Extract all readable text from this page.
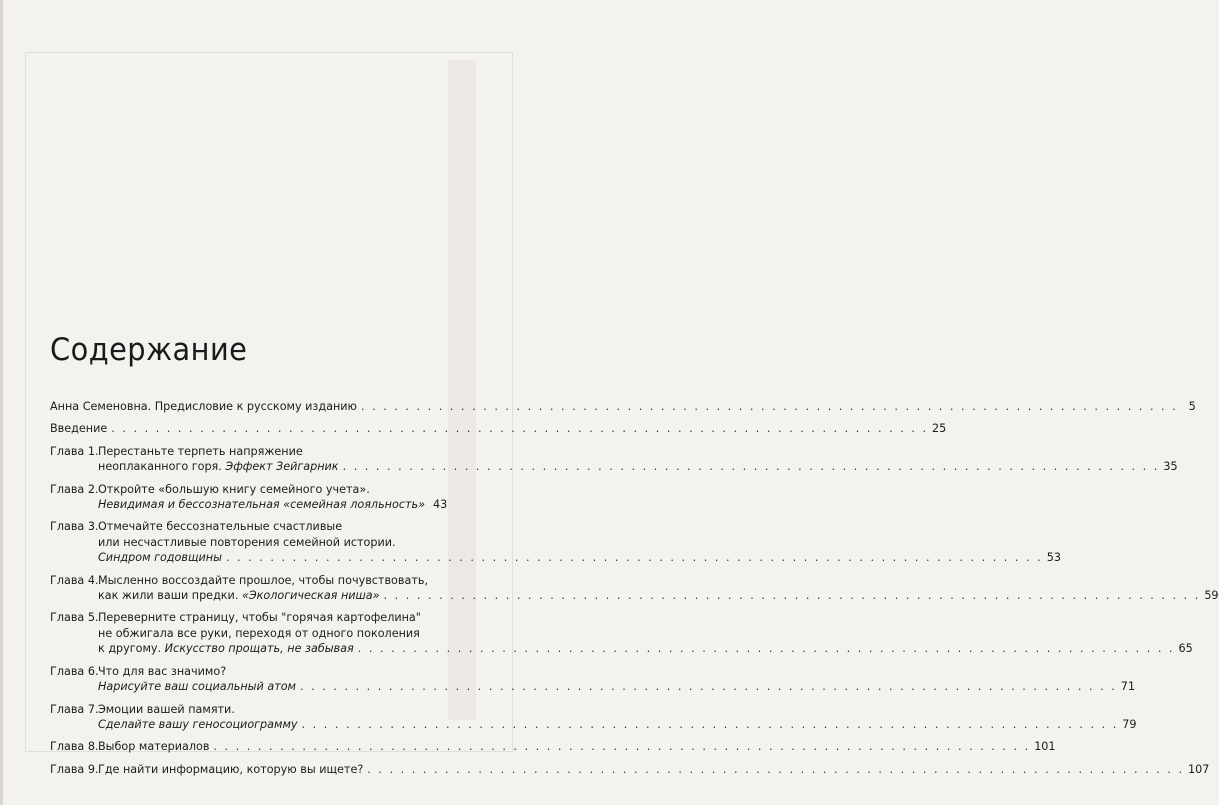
Содержание
Анна Семеновна. Предисловие к русскому изданию . . . . . . . . . . . . . . . . . . . . . . . . . . . . . . . . . . . . . . . . . . . . . . . . . . . . . . . . . . . . . . . . . . . . . . . . . . 5
Введение . . . . . . . . . . . . . . . . . . . . . . . . . . . . . . . . . . . . . . . . . . . . . . . . . . . . . . . . . . . . . . . . . . . . . . . . . . 25
Глава 1. Перестаньте терпеть напряжение
неоплаканного горя. Эффект Зейгарник . . . . . . . . . . . . . . . . . . . . . . . . . . . . . . . . . . . . . . . . . . . . . . . . . . . . . . . . . . . . . . . . . . . . . . . . . . 35
Глава 2. Откройте «большую книгу семейного учета».
Невидимая и бессознательная «семейная лояльность» 43
Глава 3. Отмечайте бессознательные счастливые
или несчастливые повторения семейной истории.
Синдром годовщины . . . . . . . . . . . . . . . . . . . . . . . . . . . . . . . . . . . . . . . . . . . . . . . . . . . . . . . . . . . . . . . . . . . . . . . . . . 53
Глава 4. Мысленно воссоздайте прошлое, чтобы почувствовать,
как жили ваши предки. «Экологическая ниша» . . . . . . . . . . . . . . . . . . . . . . . . . . . . . . . . . . . . . . . . . . . . . . . . . . . . . . . . . . . . . . . . . . . . . . . . . . 59
Глава 5. Переверните страницу, чтобы "горячая картофелина"
не обжигала все руки, переходя от одного поколения
к другому. Искусство прощать, не забывая . . . . . . . . . . . . . . . . . . . . . . . . . . . . . . . . . . . . . . . . . . . . . . . . . . . . . . . . . . . . . . . . . . . . . . . . . . 65
Глава 6. Что для вас значимо?
Нарисуйте ваш социальный атом . . . . . . . . . . . . . . . . . . . . . . . . . . . . . . . . . . . . . . . . . . . . . . . . . . . . . . . . . . . . . . . . . . . . . . . . . . 71
Глава 7. Эмоции вашей памяти.
Сделайте вашу геносоциограмму . . . . . . . . . . . . . . . . . . . . . . . . . . . . . . . . . . . . . . . . . . . . . . . . . . . . . . . . . . . . . . . . . . . . . . . . . . 79
Глава 8. Выбор материалов . . . . . . . . . . . . . . . . . . . . . . . . . . . . . . . . . . . . . . . . . . . . . . . . . . . . . . . . . . . . . . . . . . . . . . . . . . 101
Глава 9. Где найти информацию, которую вы ищете? . . . . . . . . . . . . . . . . . . . . . . . . . . . . . . . . . . . . . . . . . . . . . . . . . . . . . . . . . . . . . . . . . . . . . . . . . . 107
